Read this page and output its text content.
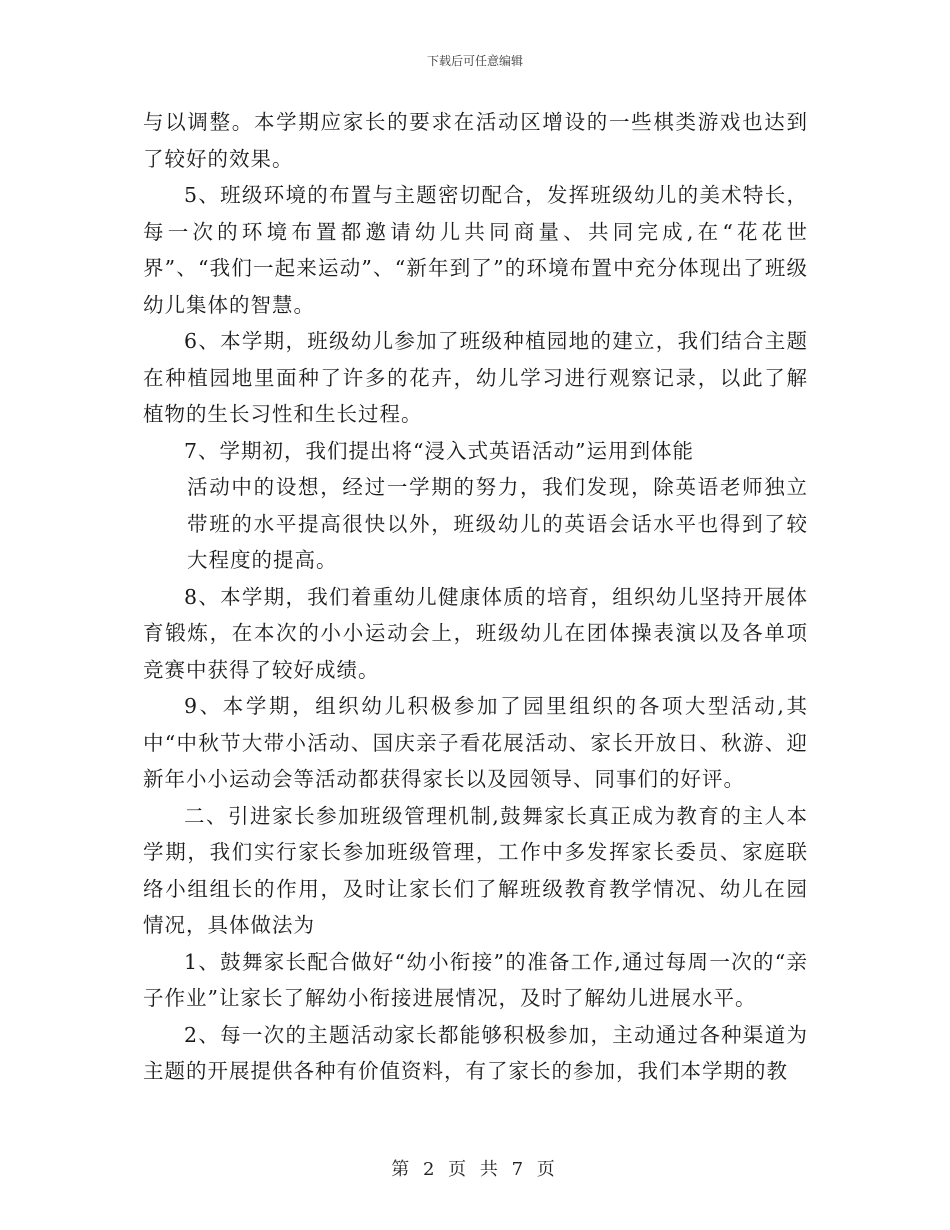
下载后可任意编辑

与以调整。本学期应家长的要求在活动区增设的一些棋类游戏也达到了较好的效果。

5、班级环境的布置与主题密切配合，发挥班级幼儿的美术特长，每一次的环境布置都邀请幼儿共同商量、共同完成,在“花花世界”、“我们一起来运动”、“新年到了”的环境布置中充分体现出了班级幼儿集体的智慧。

6、本学期，班级幼儿参加了班级种植园地的建立，我们结合主题在种植园地里面种了许多的花卉，幼儿学习进行观察记录，以此了解植物的生长习性和生长过程。

7、学期初，我们提出将“浸入式英语活动”运用到体能

活动中的设想，经过一学期的努力，我们发现，除英语老师独立带班的水平提高很快以外，班级幼儿的英语会话水平也得到了较大程度的提高。

8、本学期，我们着重幼儿健康体质的培育，组织幼儿坚持开展体育锻炼，在本次的小小运动会上，班级幼儿在团体操表演以及各单项竞赛中获得了较好成绩。

9、本学期，组织幼儿积极参加了园里组织的各项大型活动,其中“中秋节大带小活动、国庆亲子看花展活动、家长开放日、秋游、迎新年小小运动会等活动都获得家长以及园领导、同事们的好评。

二、引进家长参加班级管理机制,鼓舞家长真正成为教育的主人本学期，我们实行家长参加班级管理，工作中多发挥家长委员、家庭联络小组组长的作用，及时让家长们了解班级教育教学情况、幼儿在园情况，具体做法为

1、鼓舞家长配合做好“幼小衔接”的准备工作,通过每周一次的“亲子作业”让家长了解幼小衔接进展情况，及时了解幼儿进展水平。

2、每一次的主题活动家长都能够积极参加，主动通过各种渠道为主题的开展提供各种有价值资料，有了家长的参加，我们本学期的教

第 2 页 共 7 页
